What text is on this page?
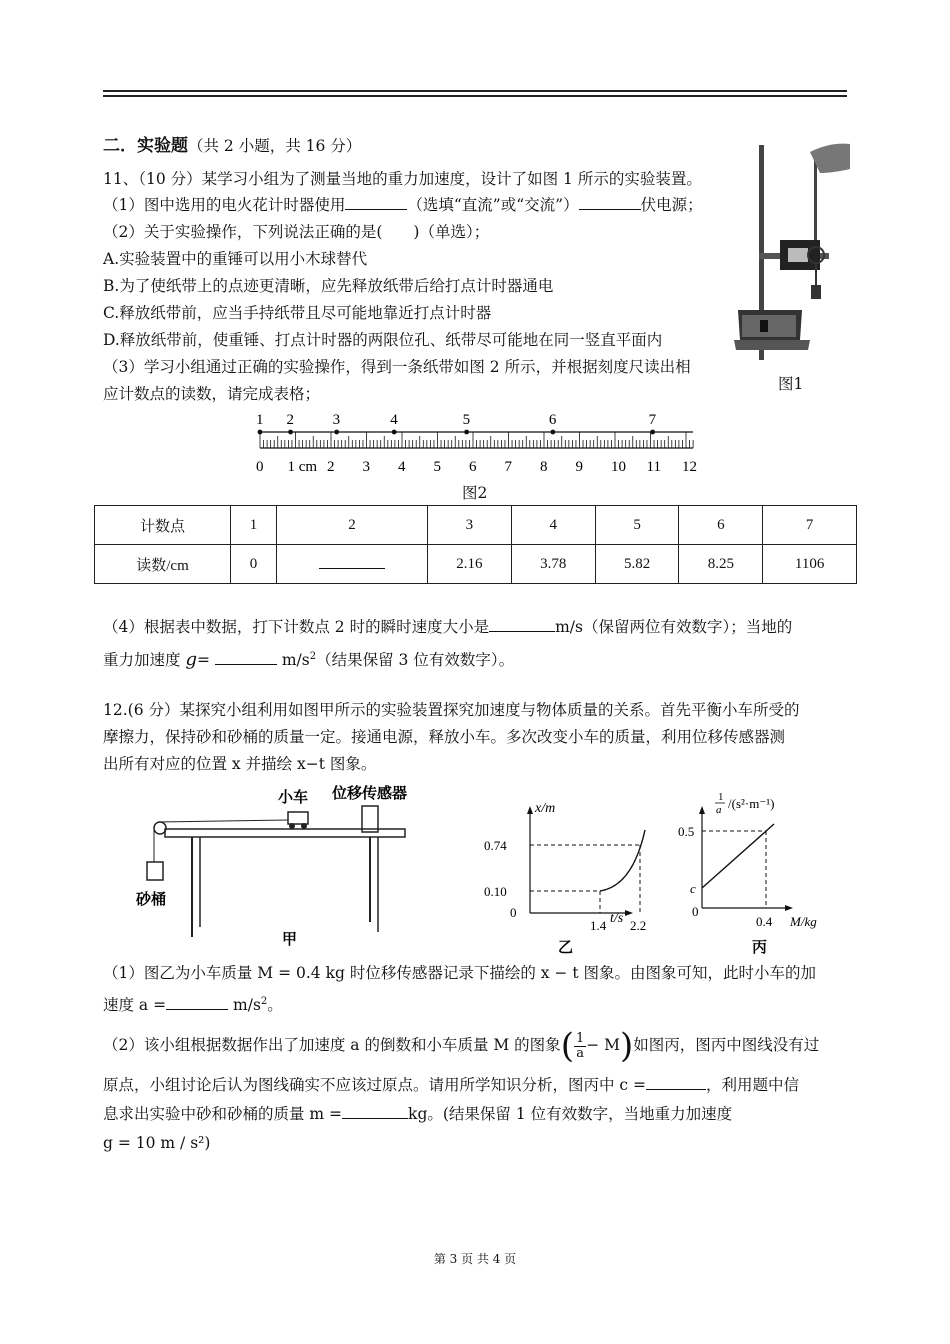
二．实验题（共 2 小题，共 16 分）
11、（10 分）某学习小组为了测量当地的重力加速度，设计了如图 1 所示的实验装置。
（1）图中选用的电火花计时器使用	（选填“直流”或“交流”）	伏电源；
（2）关于实验操作，下列说法正确的是(　　)（单选）；
A.实验装置中的重锤可以用小木球替代
B.为了使纸带上的点迹更清晰，应先释放纸带后给打点计时器通电
C.释放纸带前，应当手持纸带且尽可能地靠近打点计时器
D.释放纸带前，使重锤、打点计时器的两限位孔、纸带尽可能地在同一竖直平面内
（3）学习小组通过正确的实验操作，得到一条纸带如图 2 所示，并根据刻度尺读出相
应计数点的读数，请完成表格；
图1
0 1 cm 2 3 4 5 6 7 8 9 10 11 12
1 2	3	4	5	6	7
图2
计数点	1	2	3	4	5	6	7
读数/cm	0		2.16	3.78	5.82	8.25	1106
（4）根据表中数据，打下计数点 2 时的瞬时速度大小是	m/s（保留两位有效数字）；当地的
重力加速度 g=	$m/s^2$（结果保留 3 位有效数字）。
12.(6 分）某探究小组利用如图甲所示的实验装置探究加速度与物体质量的关系。首先平衡小车所受的
摩擦力，保持砂和砂桶的质量一定。接通电源，释放小车。多次改变小车的质量，利用位移传感器测
出所有对应的位置 x 并描绘 x−t 图象。
小车 位移传感器
砂桶
甲
x/m
t/s
0
0.74
0.10
1.4 2.2
乙
1
a /(s²·m⁻¹)
0.5
c
0
0.4 M/kg
丙
（1）图乙为小车质量 M = 0.4 kg 时位移传感器记录下描绘的 x − t 图象。由图象可知，此时小车的加
速度 a =	$m/s^2$。
（2）该小组根据数据作出了加速度 a 的倒数和小车质量 M 的图象( $\frac{1}{a} - M$)如图丙，图丙中图线没有过
原点，小组讨论后认为图线确实不应该过原点。请用所学知识分析，图丙中 c =	，利用题中信
息求出实验中砂和砂桶的质量 m =	kg。(结果保留 1 位有效数字，当地重力加速度
g = 10 m / s²)
第 3 页 共 4 页
